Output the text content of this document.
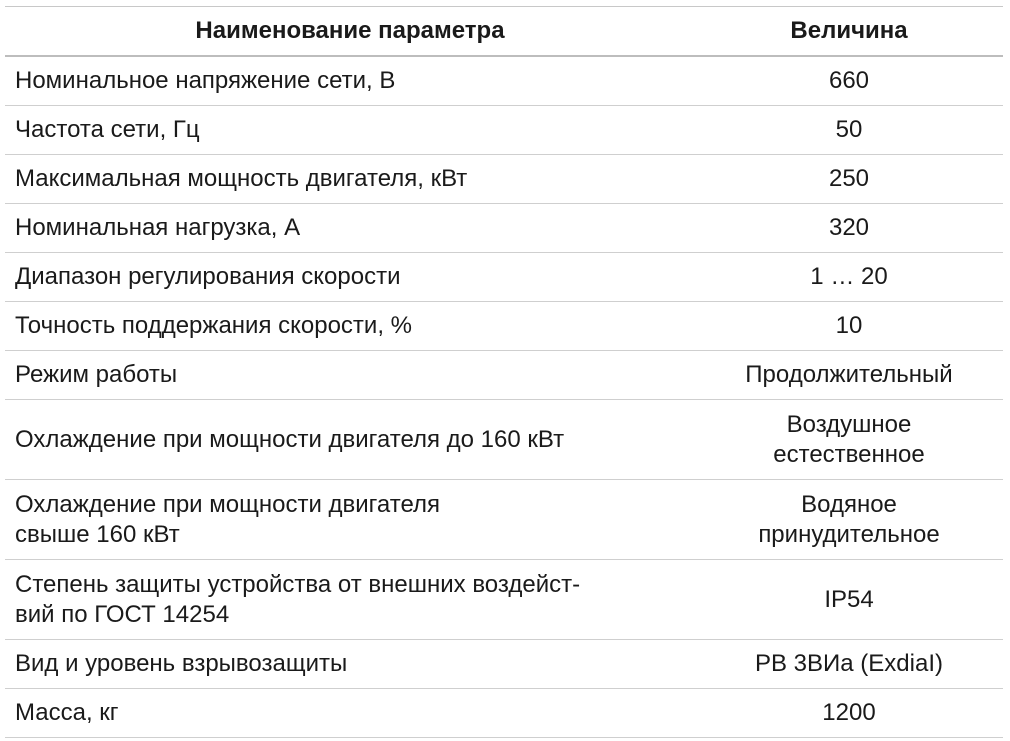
Наименование параметра	Величина
Номинальное напряжение сети, В	660
Частота сети, Гц	50
Максимальная мощность двигателя, кВт	250
Номинальная нагрузка, А	320
Диапазон регулирования скорости	1 … 20
Точность поддержания скорости, %	10
Режим работы	Продолжительный
Охлаждение при мощности двигателя до 160 кВт	Воздушное
естественное

Охлаждение при мощности двигателя
свыше 160 кВт	Водяное
принудительное

Степень защиты устройства от внешних воздейст-
вий по ГОСТ 14254	IP54
Вид и уровень взрывозащиты	РВ 3ВИа (ExdiaI)
Масса, кг	1200
